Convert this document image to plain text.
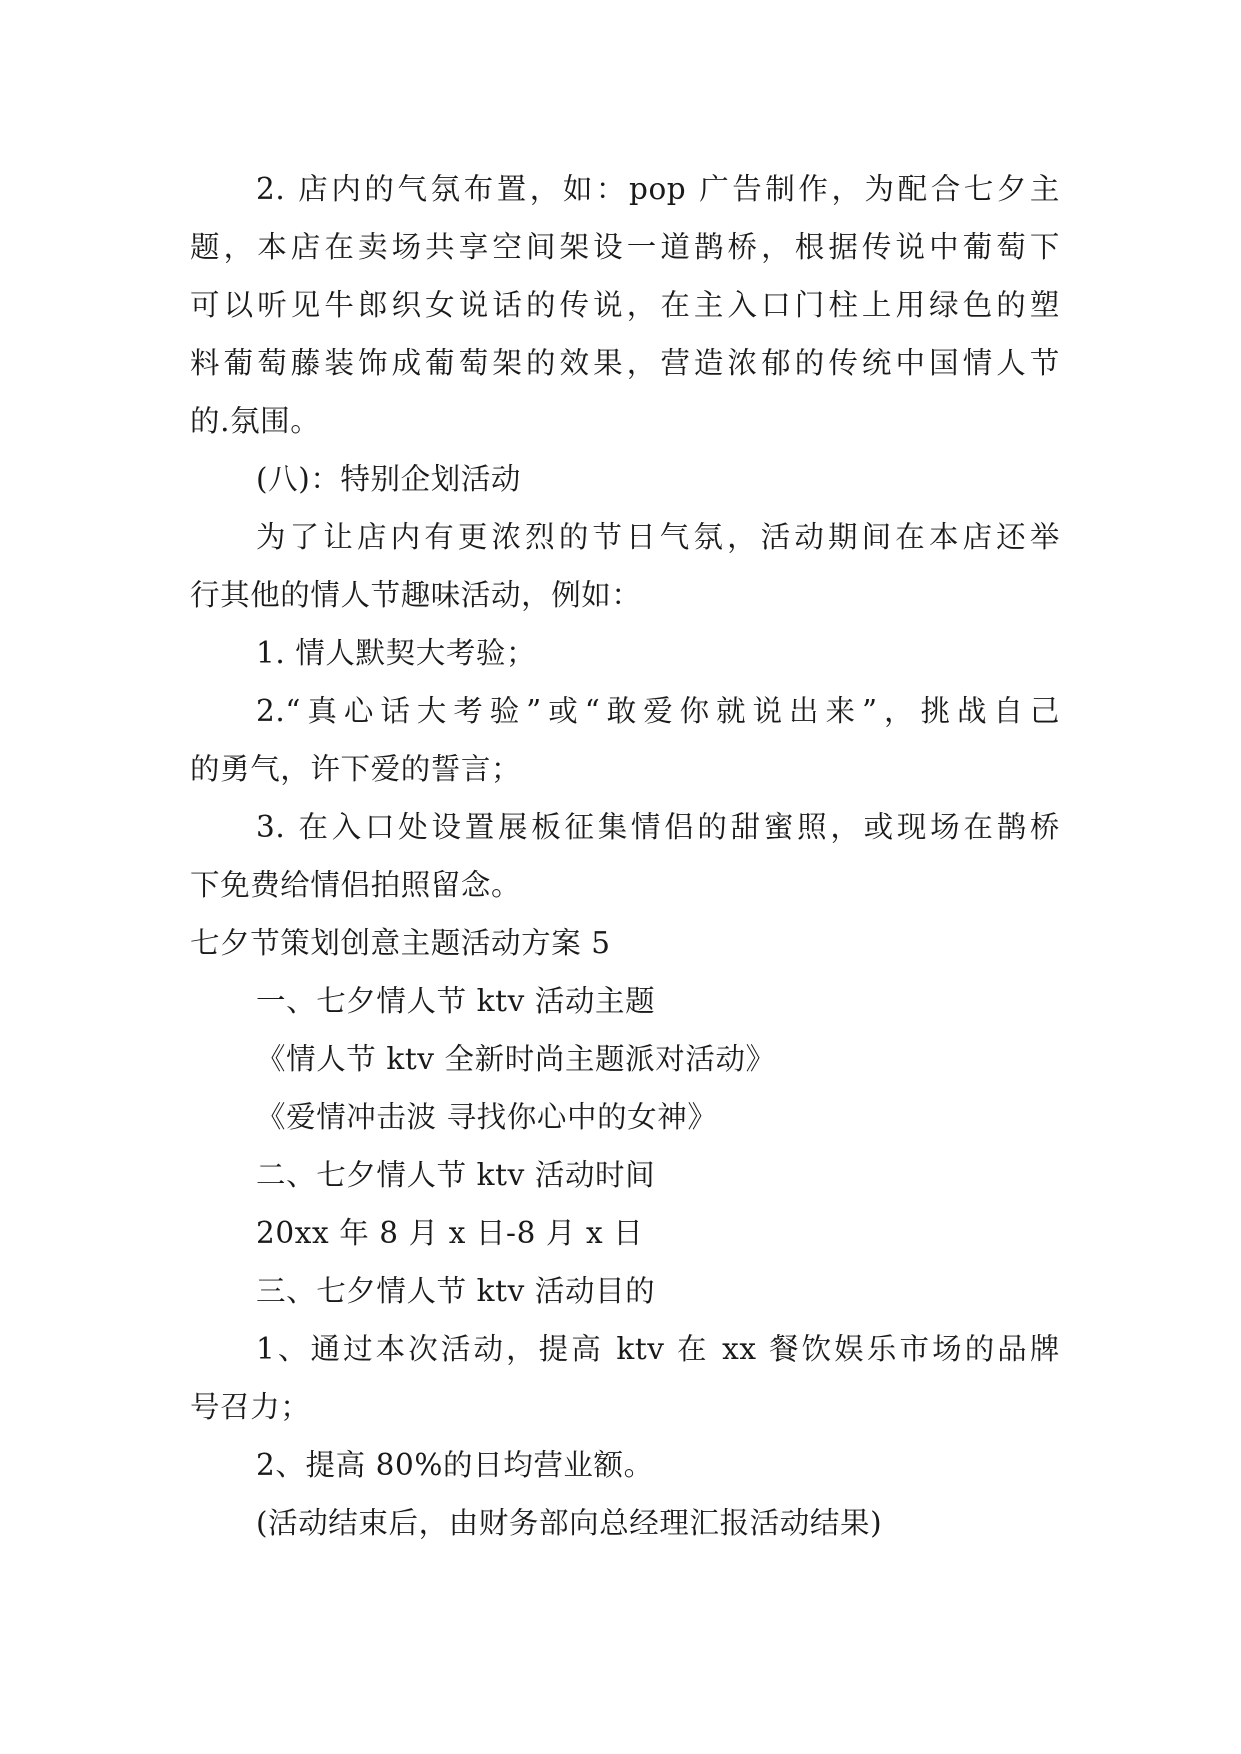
2. 店内的气氛布置，如：pop 广告制作，为配合七夕主
题，本店在卖场共享空间架设一道鹊桥，根据传说中葡萄下
可以听见牛郎织女说话的传说，在主入口门柱上用绿色的塑
料葡萄藤装饰成葡萄架的效果，营造浓郁的传统中国情人节
的.氛围。
(八)：特别企划活动
为了让店内有更浓烈的节日气氛，活动期间在本店还举
行其他的情人节趣味活动，例如：
1. 情人默契大考验；
2.“真心话大考验”或“敢爱你就说出来”，挑战自己
的勇气，许下爱的誓言；
3. 在入口处设置展板征集情侣的甜蜜照，或现场在鹊桥
下免费给情侣拍照留念。
七夕节策划创意主题活动方案 5
一、七夕情人节 ktv 活动主题
《情人节 ktv 全新时尚主题派对活动》
《爱情冲击波 寻找你心中的女神》
二、七夕情人节 ktv 活动时间
20xx 年 8 月 x 日-8 月 x 日
三、七夕情人节 ktv 活动目的
1、通过本次活动，提高 ktv 在 xx 餐饮娱乐市场的品牌
号召力；
2、提高 80%的日均营业额。
(活动结束后，由财务部向总经理汇报活动结果)
